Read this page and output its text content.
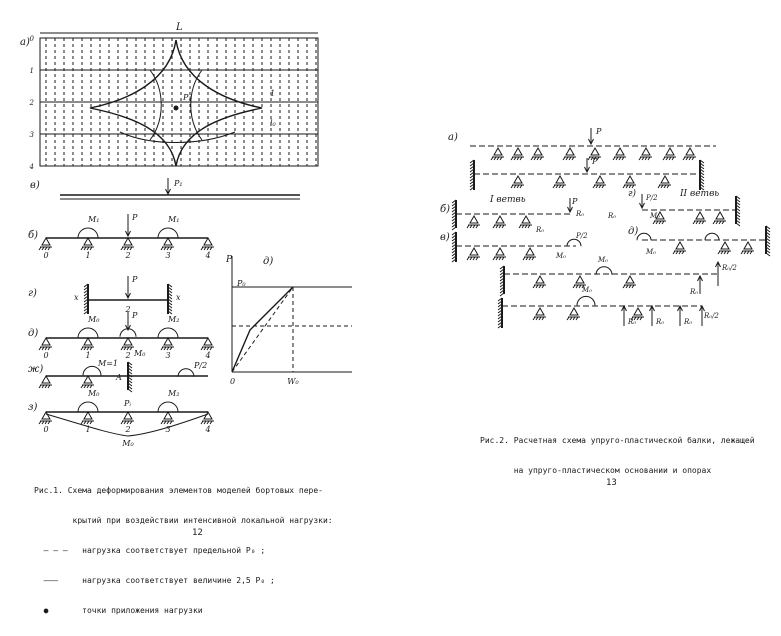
a)
L
0
1
2
3
4
P₁	1
l₀
в)	P₁
б)
0	1	2	3	4
M₁	M₁
P
г)
P
x	x
2
д)
0	1	2	3	4
M₀	M₂
M₀
P
ж)
M=1
A
P/2
з)
0	1	2	3	4
M₀	M₂
M₀
Pᵢ
д)
P
P₀
0	W₀

Рис.1. Схема деформирования элементов моделей бортовых пере-

крытий при воздействии интенсивной локальной нагрузки:

— — —   нагрузка соответствует предельной P₀ ;

———     нагрузка соответствует величине 2,5 P₀ ;

●       точки приложения нагрузки

12
a)
P
P
I ветвь
II ветвь
г)
б)
P
R₀
R₀
в)
M₀
P/2
P/2
M₀
R₀
д)
M₀
M₀
R₀/2
R₀
M₀
R₀	R₀	R₀
R₀/2

Рис.2. Расчетная схема упруго-пластической балки, лежащей

на упруго-пластическом основании и опорах

13
